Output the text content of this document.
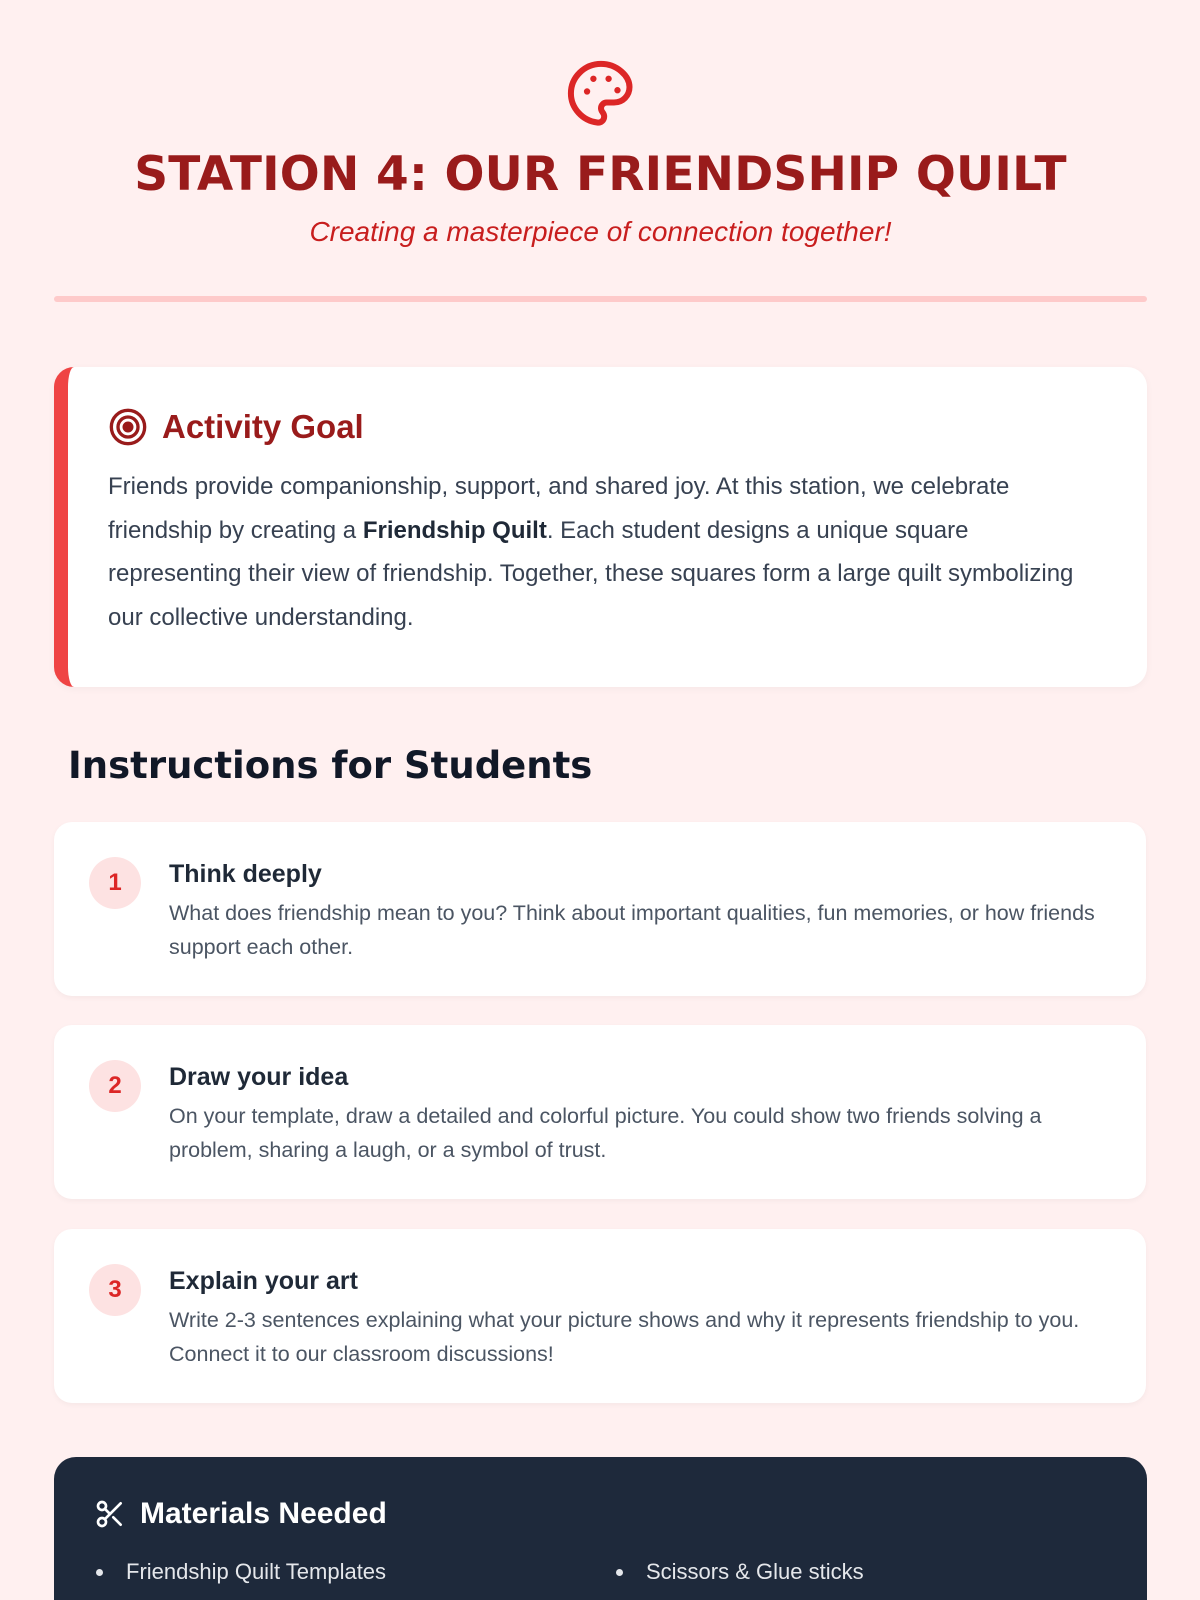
STATION 4: OUR FRIENDSHIP QUILT

Creating a masterpiece of connection together!

Activity Goal

Friends provide companionship, support, and shared joy. At this station, we celebrate friendship by creating a Friendship Quilt. Each student designs a unique square representing their view of friendship. Together, these squares form a large quilt symbolizing our collective understanding.

Instructions for Students
1	Think deeply
What does friendship mean to you? Think about important qualities, fun memories, or how friends support each other.
2	Draw your idea
On your template, draw a detailed and colorful picture. You could show two friends solving a problem, sharing a laugh, or a symbol of trust.
3	Explain your art
Write 2-3 sentences explaining what your picture shows and why it represents friendship to you. Connect it to our classroom discussions!
Materials Needed
Friendship Quilt Templates	Scissors & Glue sticks
